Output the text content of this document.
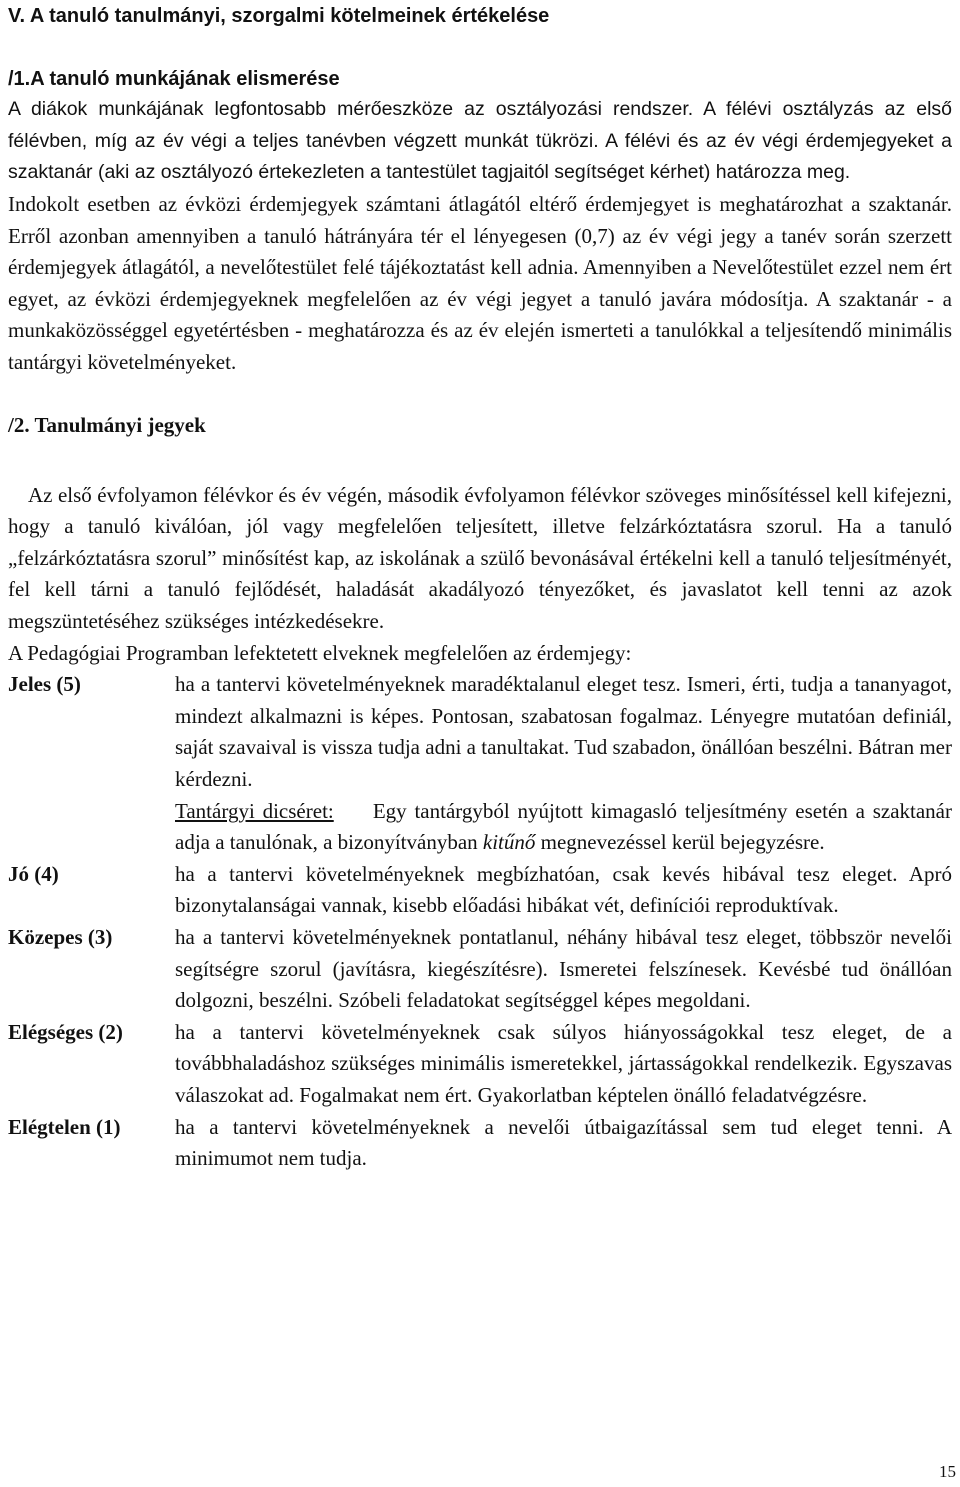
V. A tanuló tanulmányi, szorgalmi kötelmeinek értékelése
/1.A tanuló munkájának elismerése

A diákok munkájának legfontosabb mérőeszköze az osztályozási rendszer. A félévi osztályzás az első félévben, míg az év végi a teljes tanévben végzett munkát tükrözi. A félévi és az év végi érdemjegyeket a szaktanár (aki az osztályozó értekezleten a tantestület tagjaitól segítséget kérhet) határozza meg.

Indokolt esetben az évközi érdemjegyek számtani átlagától eltérő érdemjegyet is meghatározhat a szaktanár. Erről azonban amennyiben a tanuló hátrányára tér el lényegesen (0,7) az év végi jegy a tanév során szerzett érdemjegyek átlagától, a nevelőtestület felé tájékoztatást kell adnia. Amennyiben a Nevelőtestület ezzel nem ért egyet, az évközi érdemjegyeknek megfelelően az év végi jegyet a tanuló javára módosítja. A szaktanár - a munkaközösséggel egyetértésben - meghatározza és az év elején ismerteti a tanulókkal a teljesítendő minimális tantárgyi követelményeket.

/2. Tanulmányi jegyek

Az első évfolyamon félévkor és év végén, második évfolyamon félévkor szöveges minősítéssel kell kifejezni, hogy a tanuló kiválóan, jól vagy megfelelően teljesített, illetve felzárkóztatásra szorul. Ha a tanuló „felzárkóztatásra szorul” minősítést kap, az iskolának a szülő bevonásával értékelni kell a tanuló teljesítményét, fel kell tárni a tanuló fejlődését, haladását akadályozó tényezőket, és javaslatot kell tenni az azok megszüntetéséhez szükséges intézkedésekre.

A Pedagógiai Programban lefektetett elveknek megfelelően az érdemjegy:

Jeles (5)	ha a tantervi követelményeknek maradéktalanul eleget tesz. Ismeri, érti, tudja a tananyagot, mindezt alkalmazni is képes. Pontosan, szabatosan fogalmaz. Lényegre mutatóan definiál, saját szavaival is vissza tudja adni a tanultakat. Tud szabadon, önállóan beszélni. Bátran mer kérdezni.
Tantárgyi dicséret: Egy tantárgyból nyújtott kimagasló teljesítmény esetén a szaktanár adja a tanulónak, a bizonyítványban kitűnő megnevezéssel kerül bejegyzésre.
Jó (4)	ha a tantervi követelményeknek megbízhatóan, csak kevés hibával tesz eleget. Apró bizonytalanságai vannak, kisebb előadási hibákat vét, definíciói reproduktívak.
Közepes (3)	ha a tantervi követelményeknek pontatlanul, néhány hibával tesz eleget, többször nevelői segítségre szorul (javításra, kiegészítésre). Ismeretei felszínesek. Kevésbé tud önállóan dolgozni, beszélni. Szóbeli feladatokat segítséggel képes megoldani.
Elégséges (2)	ha a tantervi követelményeknek csak súlyos hiányosságokkal tesz eleget, de a továbbhaladáshoz szükséges minimális ismeretekkel, jártasságokkal rendelkezik. Egyszavas válaszokat ad. Fogalmakat nem ért. Gyakorlatban képtelen önálló feladatvégzésre.
Elégtelen (1)	ha a tantervi követelményeknek a nevelői útbaigazítással sem tud eleget tenni. A minimumot nem tudja.
15
